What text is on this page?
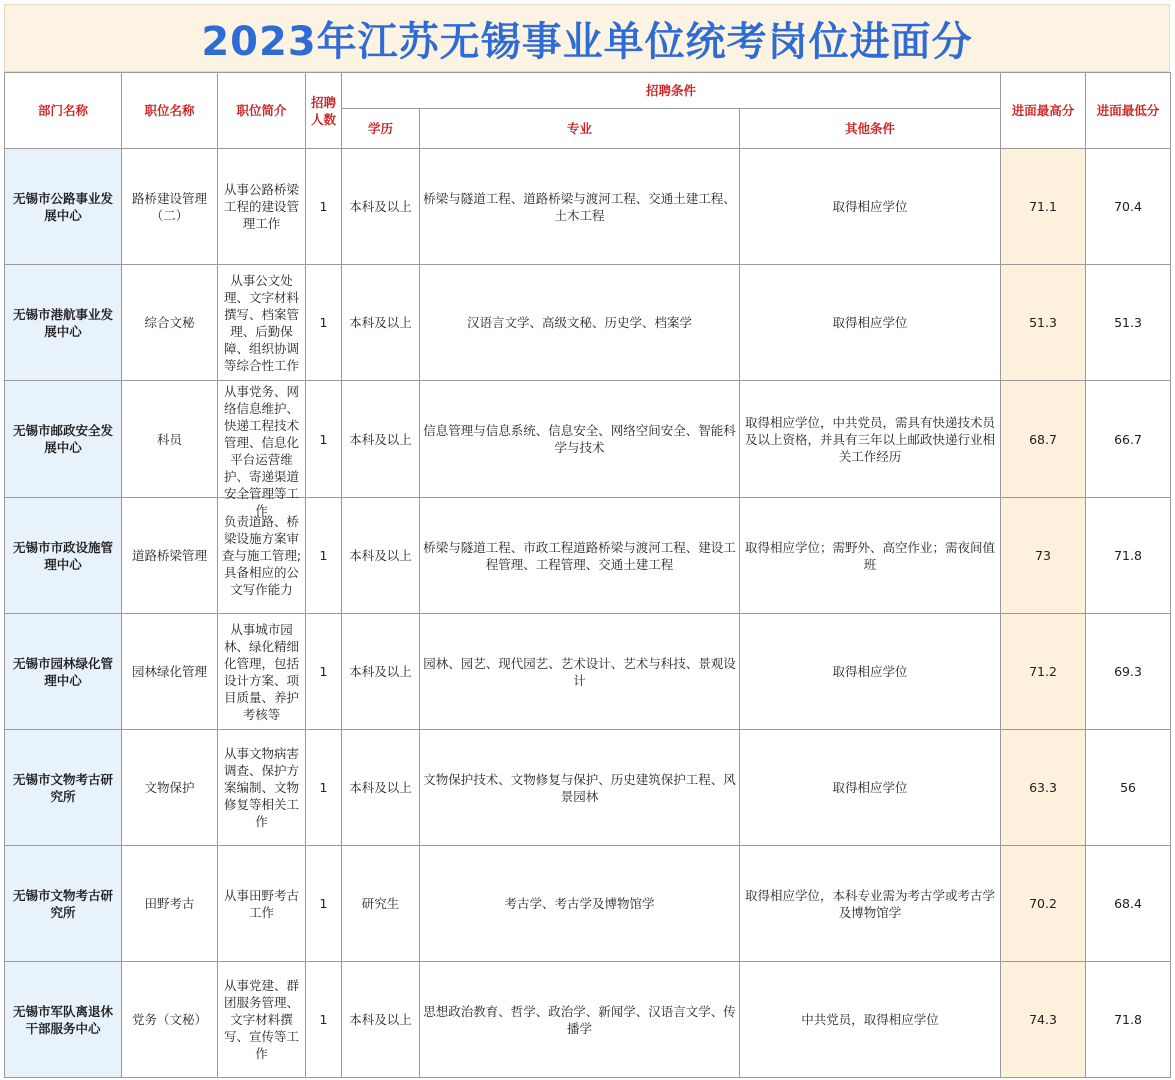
2023年江苏无锡事业单位统考岗位进面分
部门名称	职位名称	职位简介	招聘人数	招聘条件			进面最高分	进面最低分
				学历	专业	其他条件		

无锡市公路事业发展中心	路桥建设管理（二）	从事公路桥梁工程的建设管理工作	1	本科及以上	桥梁与隧道工程、道路桥梁与渡河工程、交通土建工程、土木工程	取得相应学位	71.1	70.4

无锡市港航事业发展中心	综合文秘	从事公文处理、文字材料撰写、档案管理、后勤保障、组织协调等综合性工作	1	本科及以上	汉语言文学、高级文秘、历史学、档案学	取得相应学位	51.3	51.3

无锡市邮政安全发展中心	科员	从事党务、网络信息维护、快递工程技术管理、信息化平台运营维护、寄递渠道安全管理等工作	1	本科及以上	信息管理与信息系统、信息安全、网络空间安全、智能科学与技术	取得相应学位，中共党员，需具有快递技术员及以上资格，并具有三年以上邮政快递行业相关工作经历	68.7	66.7

无锡市市政设施管理中心	道路桥梁管理	负责道路、桥梁设施方案审查与施工管理;具备相应的公文写作能力	1	本科及以上	桥梁与隧道工程、市政工程道路桥梁与渡河工程、建设工程管理、工程管理、交通土建工程	取得相应学位；需野外、高空作业；需夜间值班	73	71.8

无锡市园林绿化管理中心	园林绿化管理	从事城市园林、绿化精细化管理，包括设计方案、项目质量、养护考核等	1	本科及以上	园林、园艺、现代园艺、艺术设计、艺术与科技、景观设计	取得相应学位	71.2	69.3

无锡市文物考古研究所	文物保护	从事文物病害调查、保护方案编制、文物修复等相关工作	1	本科及以上	文物保护技术、文物修复与保护、历史建筑保护工程、风景园林	取得相应学位	63.3	56

无锡市文物考古研究所	田野考古	从事田野考古工作	1	研究生	考古学、考古学及博物馆学	取得相应学位，本科专业需为考古学或考古学及博物馆学	70.2	68.4

无锡市军队离退休干部服务中心	党务（文秘）	从事党建、群团服务管理、文字材料撰写、宣传等工作	1	本科及以上	思想政治教育、哲学、政治学、新闻学、汉语言文学、传播学	中共党员，取得相应学位	74.3	71.8
